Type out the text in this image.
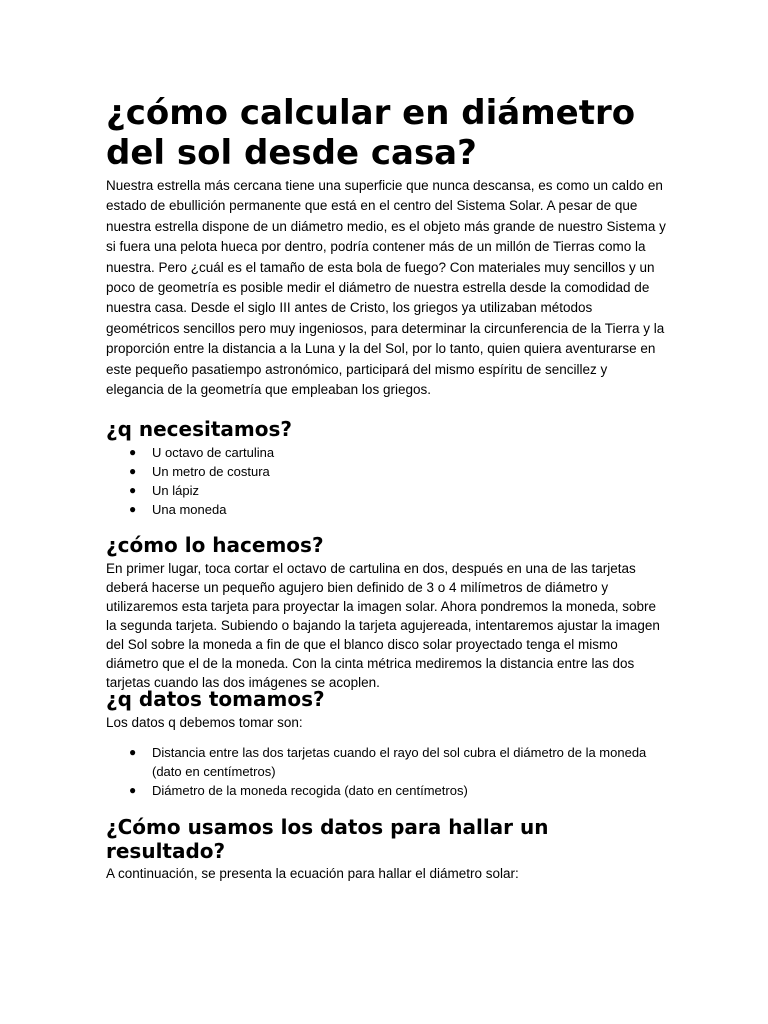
¿cómo calcular en diámetro del sol desde casa?

Nuestra estrella más cercana tiene una superficie que nunca descansa, es como un caldo en estado de ebullición permanente que está en el centro del Sistema Solar. A pesar de que nuestra estrella dispone de un diámetro medio, es el objeto más grande de nuestro Sistema y si fuera una pelota hueca por dentro, podría contener más de un millón de Tierras como la nuestra. Pero ¿cuál es el tamaño de esta bola de fuego? Con materiales muy sencillos y un poco de geometría es posible medir el diámetro de nuestra estrella desde la comodidad de nuestra casa. Desde el siglo III antes de Cristo, los griegos ya utilizaban métodos geométricos sencillos pero muy ingeniosos, para determinar la circunferencia de la Tierra y la proporción entre la distancia a la Luna y la del Sol, por lo tanto, quien quiera aventurarse en este pequeño pasatiempo astronómico, participará del mismo espíritu de sencillez y elegancia de la geometría que empleaban los griegos.

¿q necesitamos?
● U octavo de cartulina
● Un metro de costura
● Un lápiz
● Una moneda
¿cómo lo hacemos?

En primer lugar, toca cortar el octavo de cartulina en dos, después en una de las tarjetas deberá hacerse un pequeño agujero bien definido de 3 o 4 milímetros de diámetro y utilizaremos esta tarjeta para proyectar la imagen solar. Ahora pondremos la moneda, sobre la segunda tarjeta. Subiendo o bajando la tarjeta agujereada, intentaremos ajustar la imagen del Sol sobre la moneda a fin de que el blanco disco solar proyectado tenga el mismo diámetro que el de la moneda. Con la cinta métrica mediremos la distancia entre las dos tarjetas cuando las dos imágenes se acoplen.

¿q datos tomamos?

Los datos q debemos tomar son:

● Distancia entre las dos tarjetas cuando el rayo del sol cubra el diámetro de la moneda (dato en centímetros)
● Diámetro de la moneda recogida (dato en centímetros)
¿Cómo usamos los datos para hallar un resultado?

A continuación, se presenta la ecuación para hallar el diámetro solar:
